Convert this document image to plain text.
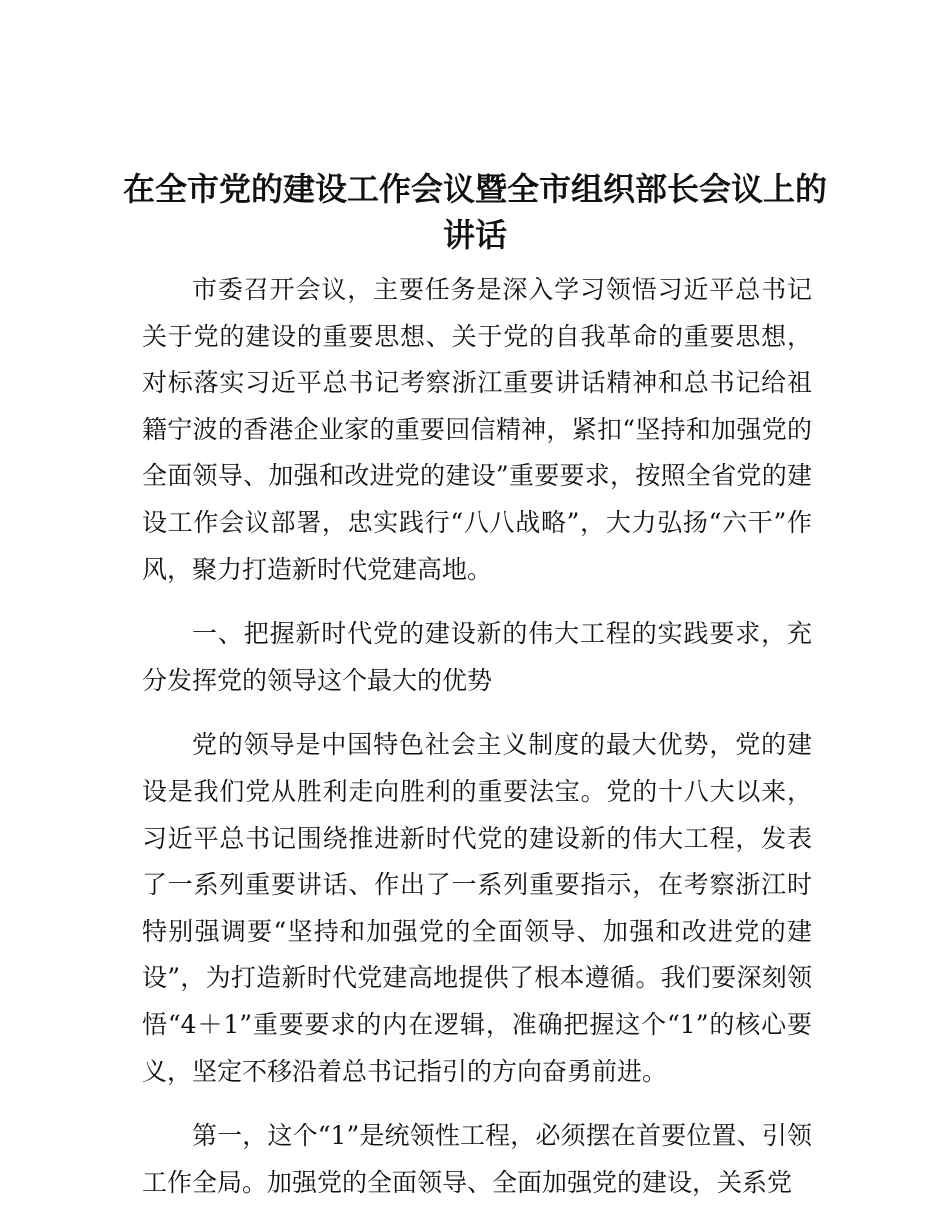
在全市党的建设工作会议暨全市组织部长会议上的讲话

市委召开会议，主要任务是深入学习领悟习近平总书记关于党的建设的重要思想、关于党的自我革命的重要思想，对标落实习近平总书记考察浙江重要讲话精神和总书记给祖籍宁波的香港企业家的重要回信精神，紧扣“坚持和加强党的全面领导、加强和改进党的建设”重要要求，按照全省党的建设工作会议部署，忠实践行“八八战略”，大力弘扬“六干”作风，聚力打造新时代党建高地。

一、把握新时代党的建设新的伟大工程的实践要求，充分发挥党的领导这个最大的优势

党的领导是中国特色社会主义制度的最大优势，党的建设是我们党从胜利走向胜利的重要法宝。党的十八大以来，习近平总书记围绕推进新时代党的建设新的伟大工程，发表了一系列重要讲话、作出了一系列重要指示，在考察浙江时特别强调要“坚持和加强党的全面领导、加强和改进党的建设”，为打造新时代党建高地提供了根本遵循。我们要深刻领悟“4＋1”重要要求的内在逻辑，准确把握这个“1”的核心要义，坚定不移沿着总书记指引的方向奋勇前进。

第一，这个“1”是统领性工程，必须摆在首要位置、引领工作全局。加强党的全面领导、全面加强党的建设，关系党
